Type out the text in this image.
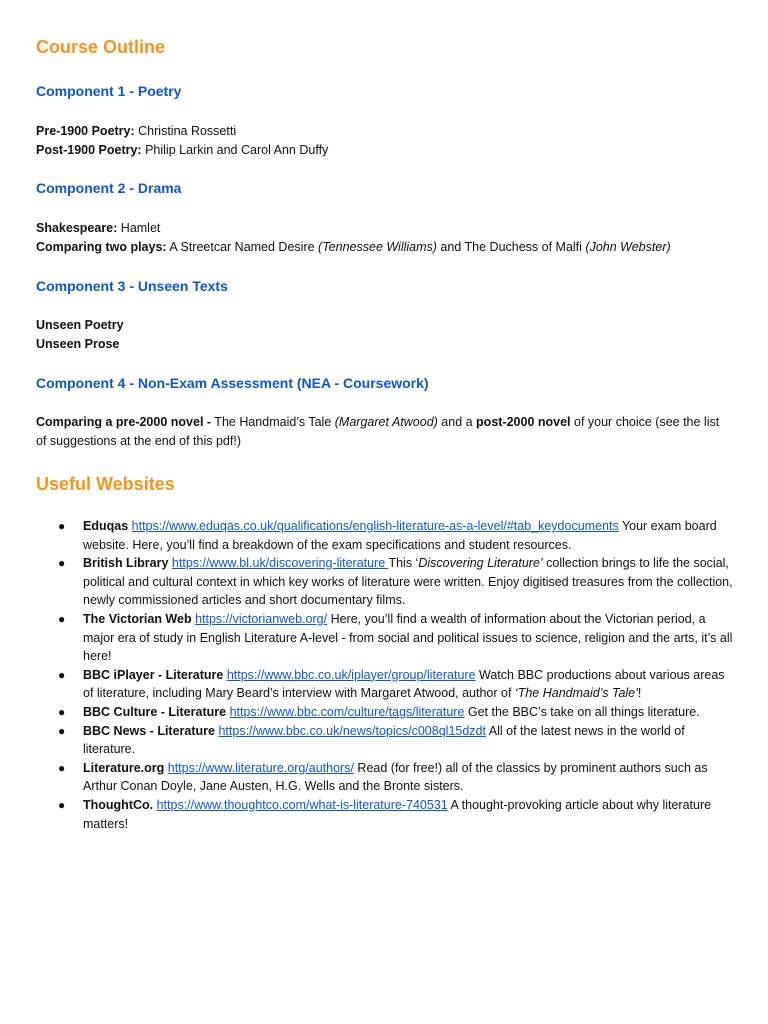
Course Outline
Component 1 - Poetry
Pre-1900 Poetry: Christina Rossetti
Post-1900 Poetry: Philip Larkin and Carol Ann Duffy
Component 2 - Drama
Shakespeare: Hamlet
Comparing two plays: A Streetcar Named Desire (Tennessee Williams) and The Duchess of Malfi (John Webster)
Component 3 - Unseen Texts
Unseen Poetry
Unseen Prose
Component 4 - Non-Exam Assessment (NEA - Coursework)
Comparing a pre-2000 novel - The Handmaid’s Tale (Margaret Atwood) and a post-2000 novel of your choice (see the list of suggestions at the end of this pdf!)
Useful Websites
● Eduqas https://www.eduqas.co.uk/qualifications/english-literature-as-a-level/#tab_keydocuments Your exam board website. Here, you’ll find a breakdown of the exam specifications and student resources.
● British Library https://www.bl.uk/discovering-literature This ‘Discovering Literature’ collection brings to life the social, political and cultural context in which key works of literature were written. Enjoy digitised treasures from the collection, newly commissioned articles and short documentary films.
● The Victorian Web https://victorianweb.org/ Here, you’ll find a wealth of information about the Victorian period, a major era of study in English Literature A-level - from social and political issues to science, religion and the arts, it’s all here!
● BBC iPlayer - Literature https://www.bbc.co.uk/iplayer/group/literature Watch BBC productions about various areas of literature, including Mary Beard’s interview with Margaret Atwood, author of ‘The Handmaid’s Tale’!
● BBC Culture - Literature https://www.bbc.com/culture/tags/literature Get the BBC’s take on all things literature.
● BBC News - Literature https://www.bbc.co.uk/news/topics/c008ql15dzdt All of the latest news in the world of literature.
● Literature.org https://www.literature.org/authors/ Read (for free!) all of the classics by prominent authors such as Arthur Conan Doyle, Jane Austen, H.G. Wells and the Bronte sisters.
● ThoughtCo. https://www.thoughtco.com/what-is-literature-740531 A thought-provoking article about why literature matters!
